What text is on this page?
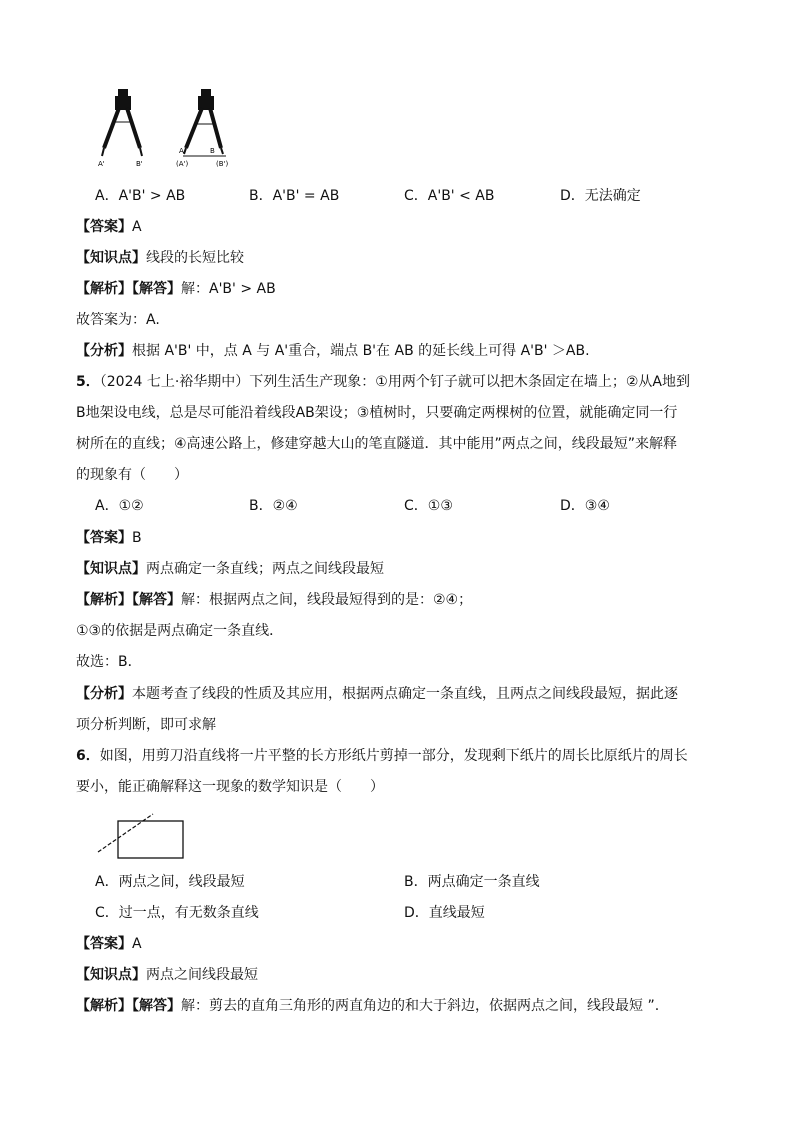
A'	B'
A	B
(A')	(B')
A．A'B' > AB	B．A'B' = AB	C．A'B' < AB	D．无法确定
【答案】A
【知识点】线段的长短比较
【解析】【解答】解：A'B' > AB
故答案为：A.
【分析】根据 A'B' 中，点 A 与 A'重合，端点 B'在 AB 的延长线上可得 A'B' ＞AB.
5．（2024 七上·裕华期中）下列生活生产现象：①用两个钉子就可以把木条固定在墙上；②从A地到
B地架设电线，总是尽可能沿着线段AB架设；③植树时，只要确定两棵树的位置，就能确定同一行
树所在的直线；④高速公路上，修建穿越大山的笔直隧道．其中能用”两点之间，线段最短”来解释
的现象有（　　）
A．①②	B．②④	C．①③	D．③④
【答案】B
【知识点】两点确定一条直线；两点之间线段最短
【解析】【解答】解：根据两点之间，线段最短得到的是：②④；
①③的依据是两点确定一条直线．
故选：B．
【分析】本题考查了线段的性质及其应用，根据两点确定一条直线，且两点之间线段最短，据此逐
项分析判断，即可求解
6．如图，用剪刀沿直线将一片平整的长方形纸片剪掉一部分，发现剩下纸片的周长比原纸片的周长
要小，能正确解释这一现象的数学知识是（　　）
A．两点之间，线段最短	B．两点确定一条直线
C．过一点，有无数条直线	D．直线最短
【答案】A
【知识点】两点之间线段最短
【解析】【解答】解：剪去的直角三角形的两直角边的和大于斜边，依据两点之间，线段最短 ”.
